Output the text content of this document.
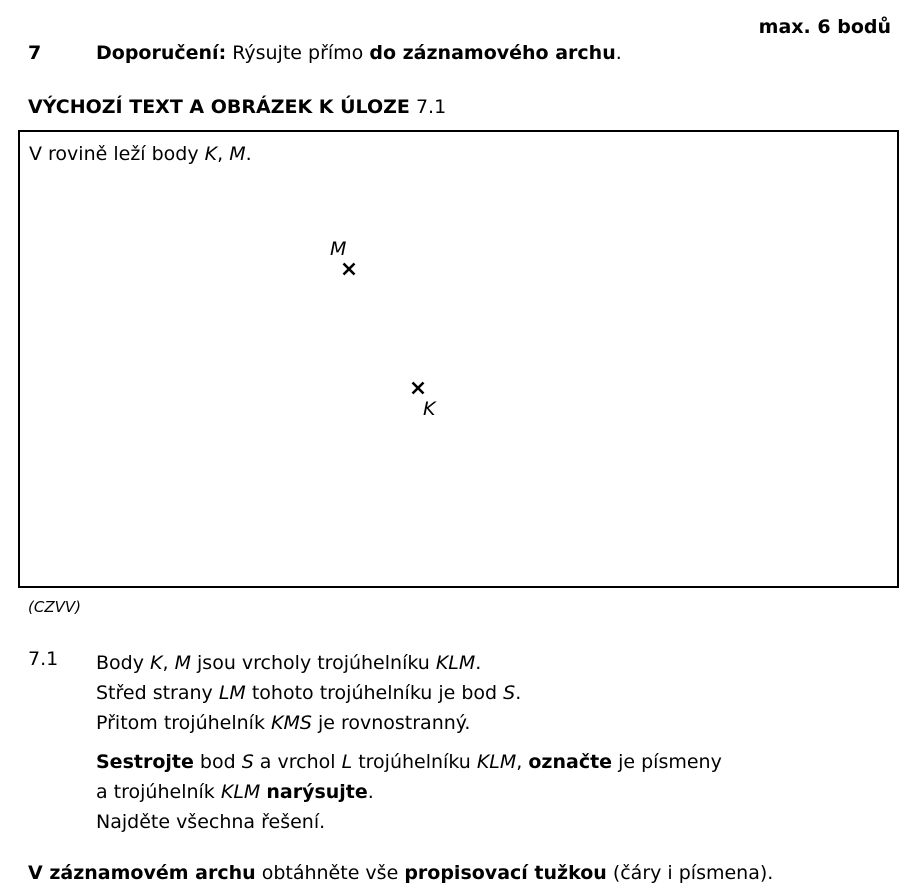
max. 6 bodů
7	Doporučení: Rýsujte přímo do záznamového archu.
VÝCHOZÍ TEXT A OBRÁZEK K ÚLOZE 7.1
V rovině leží body K, M.
M
K
(CZVV)
7.1 Body K, M jsou vrcholy trojúhelníku KLM.
Střed strany LM tohoto trojúhelníku je bod S.
Přitom trojúhelník KMS je rovnostranný.
Sestrojte bod S a vrchol L trojúhelníku KLM, označte je písmeny
a trojúhelník KLM narýsujte.
Najděte všechna řešení.
V záznamovém archu obtáhněte vše propisovací tužkou (čáry i písmena).
